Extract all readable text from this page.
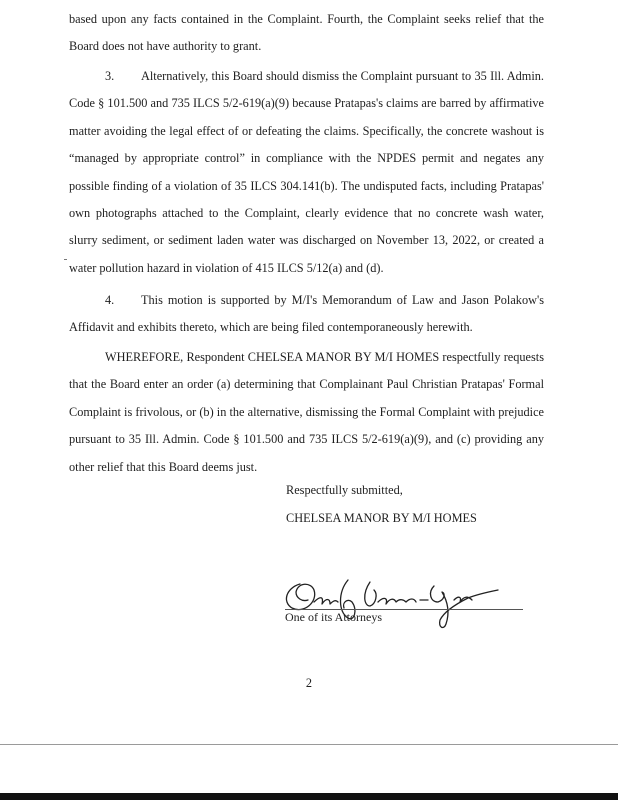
based upon any facts contained in the Complaint. Fourth, the Complaint seeks relief that the Board does not have authority to grant.

3. Alternatively, this Board should dismiss the Complaint pursuant to 35 Ill. Admin. Code § 101.500 and 735 ILCS 5/2-619(a)(9) because Pratapas's claims are barred by affirmative matter avoiding the legal effect of or defeating the claims. Specifically, the concrete washout is “managed by appropriate control” in compliance with the NPDES permit and negates any possible finding of a violation of 35 ILCS 304.141(b). The undisputed facts, including Pratapas' own photographs attached to the Complaint, clearly evidence that no concrete wash water, slurry sediment, or sediment laden water was discharged on November 13, 2022, or created a water pollution hazard in violation of 415 ILCS 5/12(a) and (d).

4. This motion is supported by M/I's Memorandum of Law and Jason Polakow's Affidavit and exhibits thereto, which are being filed contemporaneously herewith.

WHEREFORE, Respondent CHELSEA MANOR BY M/I HOMES respectfully requests that the Board enter an order (a) determining that Complainant Paul Christian Pratapas' Formal Complaint is frivolous, or (b) in the alternative, dismissing the Formal Complaint with prejudice pursuant to 35 Ill. Admin. Code § 101.500 and 735 ILCS 5/2-619(a)(9), and (c) providing any other relief that this Board deems just.

Respectfully submitted,

CHELSEA MANOR BY M/I HOMES

One of its Attorneys

2
